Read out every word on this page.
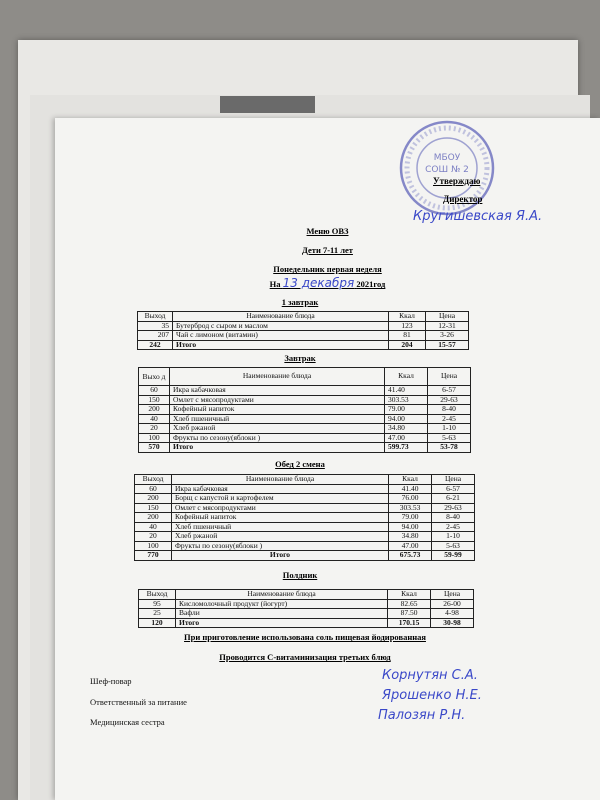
МБОУ
СОШ № 2
Утверждаю
Директор
Кругишевская Я.А.
Меню ОВЗ
Дети 7-11 лет
Понедельник первая неделя
На 13 декабря 2021год
1 завтрак
Выход	Наименование блюда	Ккал	Цена
35	Бутерброд с сыром и маслом	123	12-31
207	Чай с лимоном (витамин)	81	3-26
242	Итого	204	15-57
Завтрак
Выхо д	Наименование блюда	Ккал	Цена
60	Икра кабачковая	41.40	6-57
150	Омлет с мясопродуктами	303.53	29-63
200	Кофейный напиток	79.00	8-40
40	Хлеб пшеничный	94.00	2-45
20	Хлеб ржаной	34.80	1-10
100	Фрукты по сезону(яблоки )	47.00	5-63
570	Итого	599.73	53-78
Обед 2 смена
Выход	Наименование блюда	Ккал	Цена
60	Икра кабачковая	41.40	6-57
200	Борщ с капустой и картофелем	76.00	6-21
150	Омлет с мясопродуктами	303.53	29-63
200	Кофейный напиток	79.00	8-40
40	Хлеб пшеничный	94.00	2-45
20	Хлеб ржаной	34.80	1-10
100	Фрукты по сезону(яблоки )	47.00	5-63
770	Итого	675.73	59-99
Полдник
Выход	Наименование блюда	Ккал	Цена
95	Кисломолочный продукт (йогурт)	82.65	26-00
25	Вафли	87.50	4-98
120	Итого	170.15	30-98
При приготовление использована соль пищевая йодированная
Проводится С-витаминизация третьих блюд
Шеф-повар	Корнутян С.А.
Ответственный за питание	Ярошенко Н.Е.
Медицинская сестра	Палозян Р.Н.
